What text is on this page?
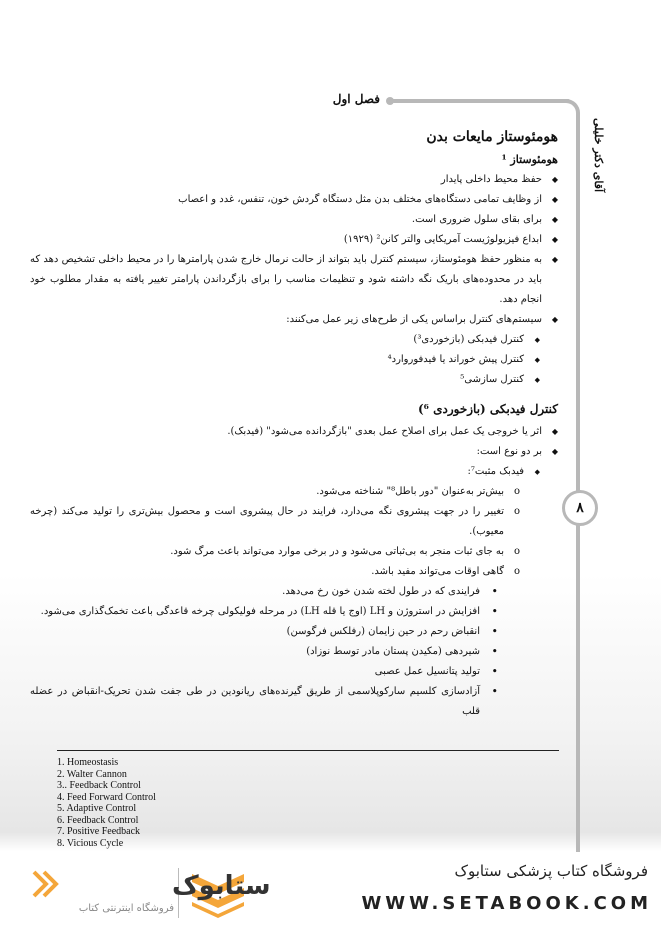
فصل اول
آقای دکتر خلیلی
۸
هومئوستاز مایعات بدن
هومئوستاز ¹
◆ حفظ محیط داخلی پایدار
◆ از وظایف تمامی دستگاه‌های مختلف بدن مثل دستگاه گردش خون، تنفس، غدد و اعصاب
◆ برای بقای سلول ضروری است.
◆ ابداع فیزیولوژیست آمریکایی والتر کانن² (۱۹۲۹)
◆ به منظور حفظ هومئوستاز، سیستم کنترل باید بتواند از حالت نرمال خارج شدن پارامترها را در محیط داخلی تشخیص دهد که باید در محدوده‌های باریک نگه داشته شود و تنظیمات مناسب را برای بازگرداندن پارامتر تغییر یافته به مقدار مطلوب خود انجام دهد.
◆ سیستم‌های کنترل براساس یکی از طرح‌های زیر عمل می‌کنند:
◆ کنترل فیدبکی (بازخوردی³)
◆ کنترل پیش خوراند یا فیدفوروارد⁴
◆ کنترل سازشی⁵
کنترل فیدبکی (بازخوردی ⁶)
◆ اثر یا خروجی یک عمل برای اصلاح عمل بعدی "بازگردانده می‌شود" (فیدبک).
◆ بر دو نوع است:
◆ فیدبک مثبت⁷:
o بیش‌تر به‌عنوان "دور باطل⁸" شناخته می‌شود.
o تغییر را در جهت پیشروی نگه می‌دارد، فرایند در حال پیشروی است و محصول بیش‌تری را تولید می‌کند (چرخه معیوب).
o به جای ثبات منجر به بی‌ثباتی می‌شود و در برخی موارد می‌تواند باعث مرگ شود.
o گاهی اوقات می‌تواند مفید باشد.
• فرایندی که در طول لخته شدن خون رخ می‌دهد.
• افزایش در استروژن و LH (اوج یا قله LH) در مرحله فولیکولی چرخه قاعدگی باعث تخمک‌گذاری می‌شود.
• انقباض رحم در حین زایمان (رفلکس فرگوسن)
• شیردهی (مکیدن پستان مادر توسط نوزاد)
• تولید پتانسیل عمل عصبی
• آزادسازی کلسیم سارکوپلاسمی از طریق گیرنده‌های ریانودین در طی جفت شدن تحریک-انقباض در عضله قلب
1. Homeostasis
2. Walter Cannon
3.. Feedback Control
4. Feed Forward Control
5. Adaptive Control
6. Feedback Control
7. Positive Feedback
8. Vicious Cycle
فروشگاه کتاب پزشکی ستابوک
WWW.SETABOOK.COM
ستابوک
فروشگاه اینترنتی کتاب
